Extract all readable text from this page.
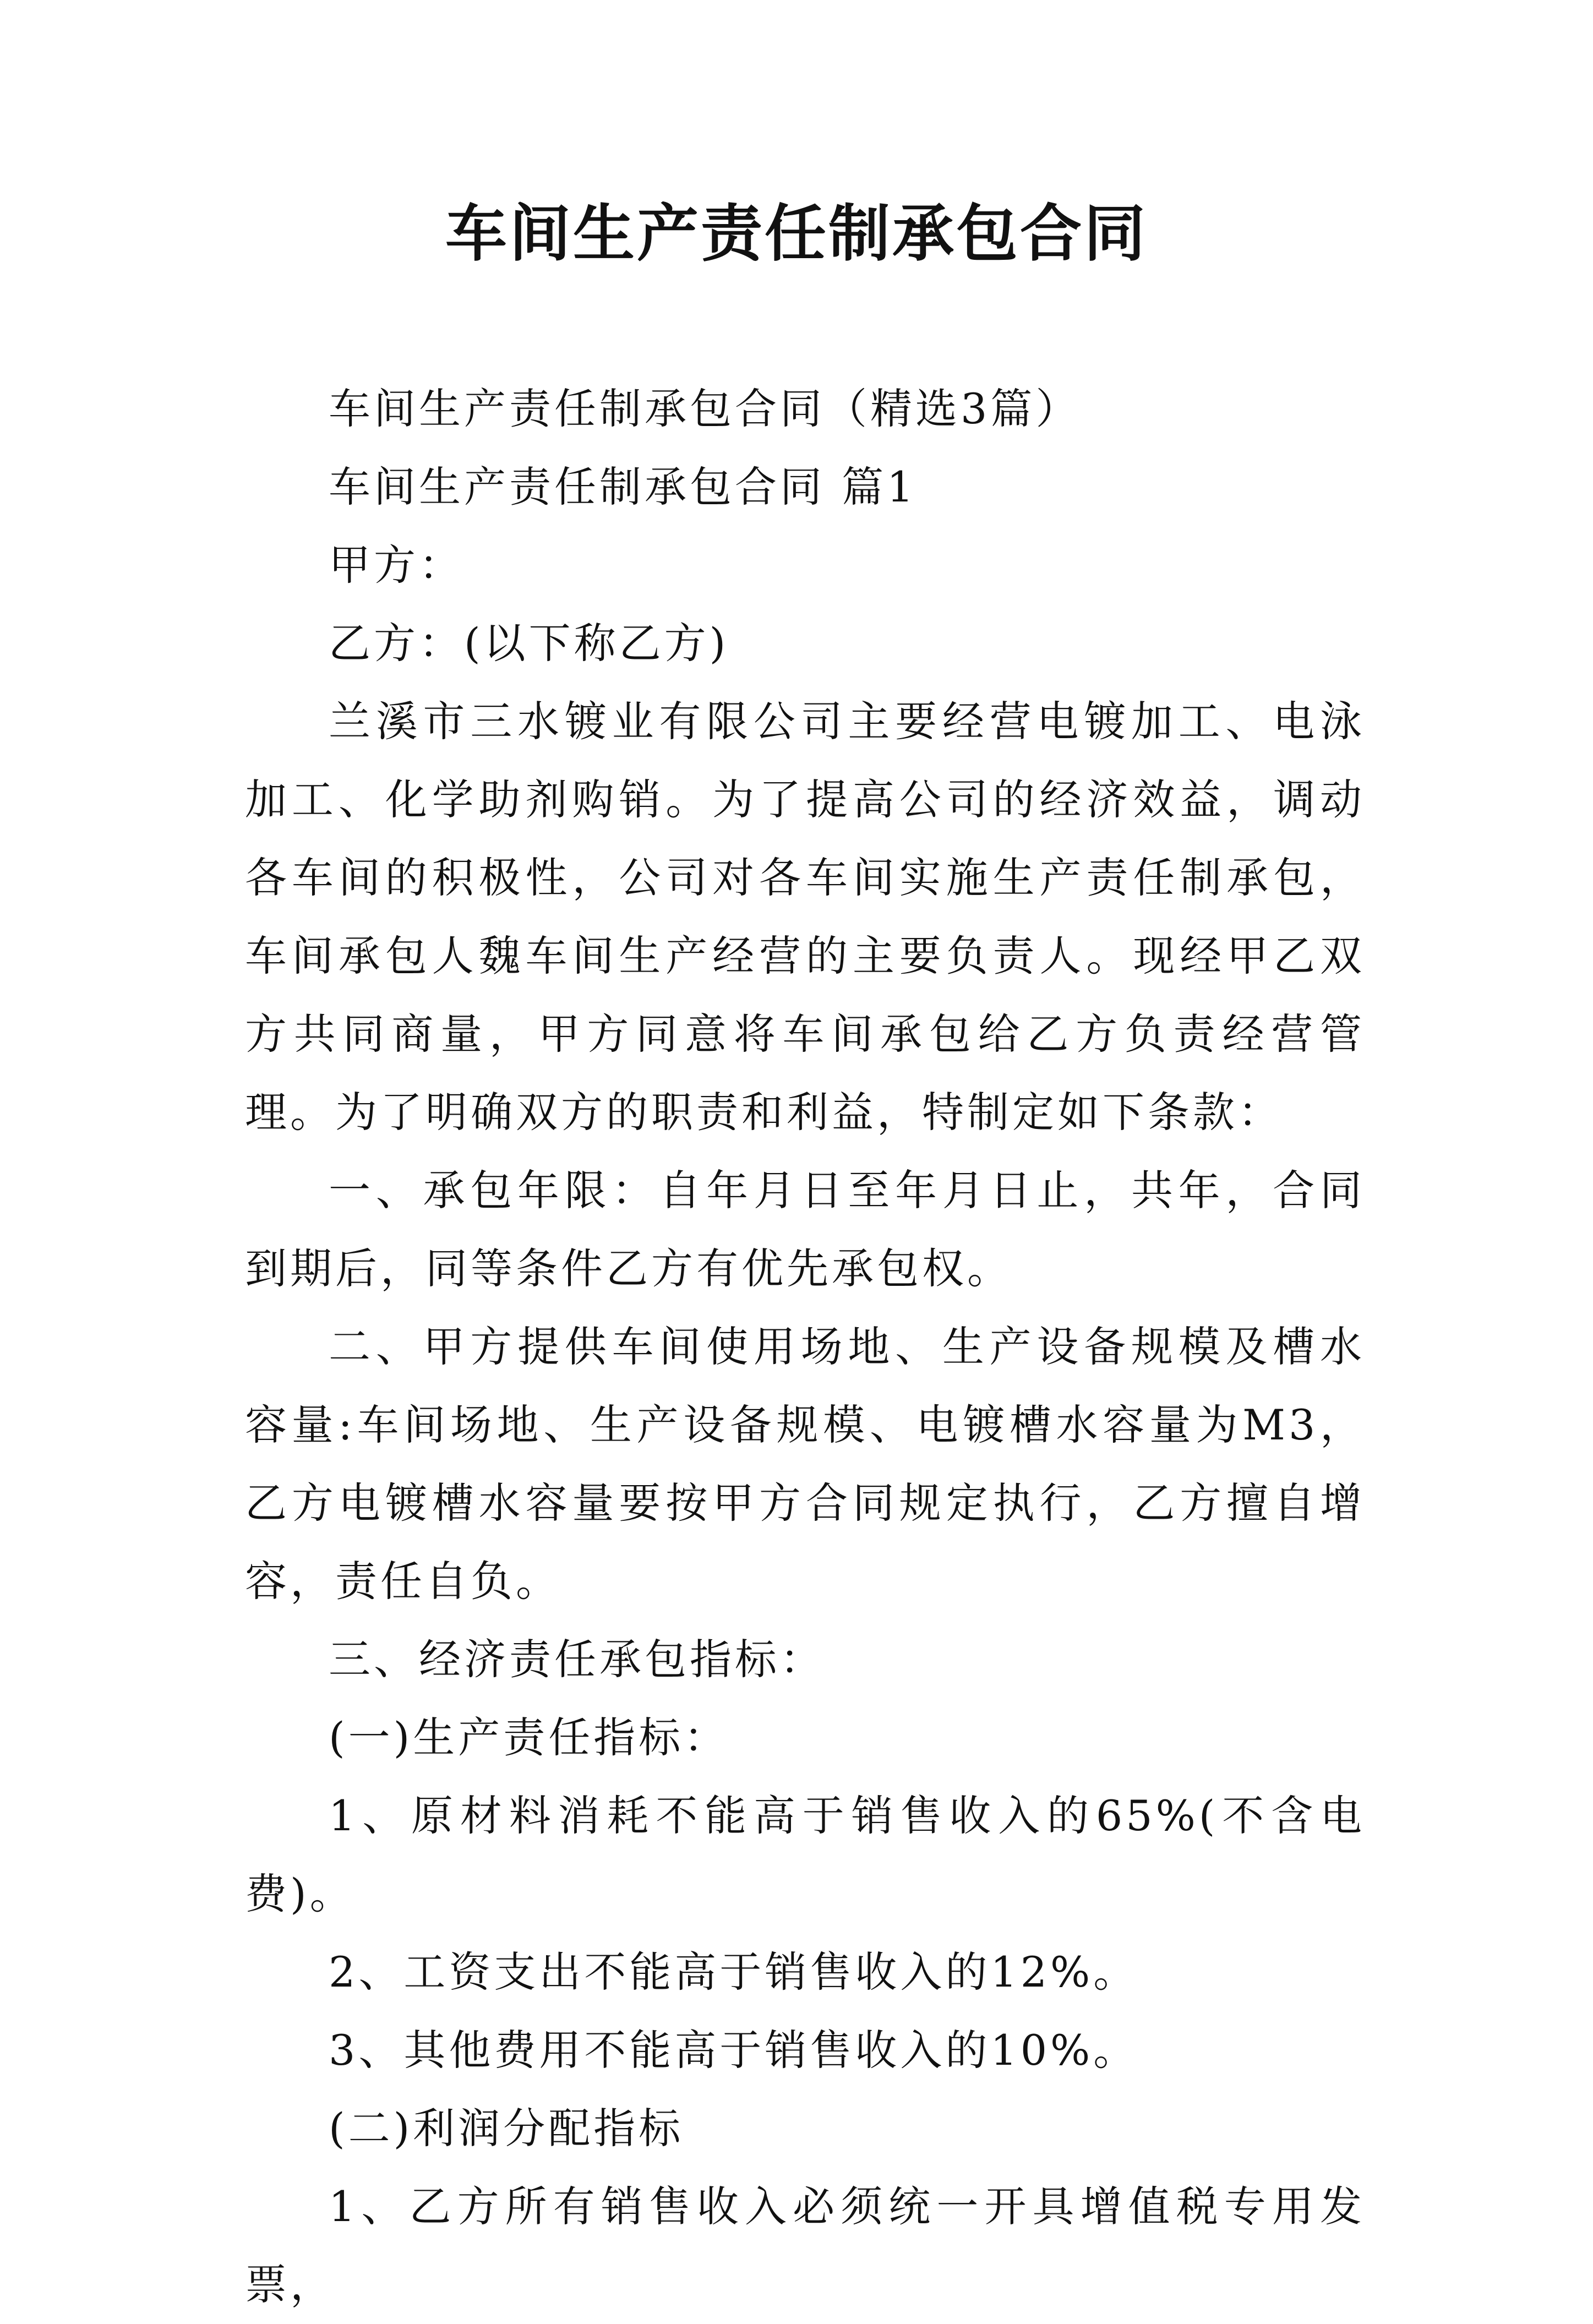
车间生产责任制承包合同

车间生产责任制承包合同（精选3篇）

车间生产责任制承包合同 篇1

甲方：

乙方：(以下称乙方)

兰溪市三水镀业有限公司主要经营电镀加工、电泳加工、化学助剂购销。为了提高公司的经济效益，调动各车间的积极性，公司对各车间实施生产责任制承包，车间承包人魏车间生产经营的主要负责人。现经甲乙双方共同商量，甲方同意将车间承包给乙方负责经营管理。为了明确双方的职责和利益，特制定如下条款：

一、承包年限：自年月日至年月日止，共年，合同到期后，同等条件乙方有优先承包权。

二、甲方提供车间使用场地、生产设备规模及槽水容量:车间场地、生产设备规模、电镀槽水容量为M3，乙方电镀槽水容量要按甲方合同规定执行，乙方擅自增容，责任自负。

三、经济责任承包指标：

(一)生产责任指标：

1、原材料消耗不能高于销售收入的65%(不含电费)。

2、工资支出不能高于销售收入的12%。

3、其他费用不能高于销售收入的10%。

(二)利润分配指标

1、乙方所有销售收入必须统一开具增值税专用发票，
